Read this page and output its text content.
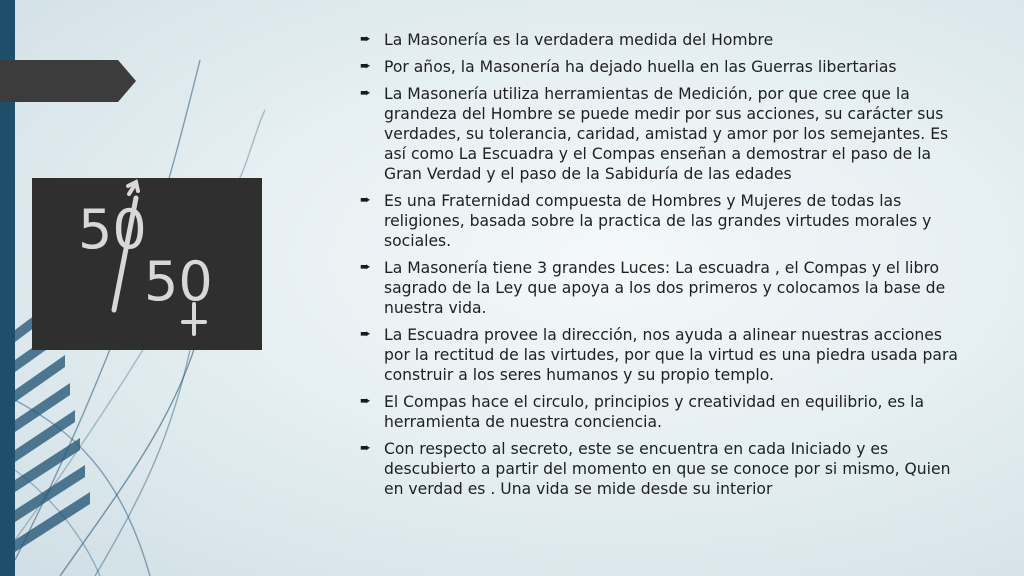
50
50
➨ La Masonería es la verdadera medida del Hombre
➨ Por años, la Masonería ha dejado huella en las Guerras libertarias
➨ La Masonería utiliza herramientas de Medición, por que cree que la grandeza del Hombre se puede medir por sus acciones, su carácter sus verdades, su tolerancia, caridad, amistad y amor por los semejantes. Es así como La Escuadra y el Compas enseñan a demostrar el paso de la Gran Verdad y el paso de la Sabiduría de las edades
➨ Es una Fraternidad compuesta de Hombres y Mujeres de todas las religiones, basada sobre la practica de las grandes virtudes morales y sociales.
➨ La Masonería tiene 3 grandes Luces: La escuadra , el Compas y el libro sagrado de la Ley que apoya a los dos primeros y colocamos la base de nuestra vida.
➨ La Escuadra provee la dirección, nos ayuda a alinear nuestras acciones por la rectitud de las virtudes, por que la virtud es una piedra usada para construir a los seres humanos y su propio templo.
➨ El Compas hace el circulo, principios y creatividad en equilibrio, es la herramienta de nuestra conciencia.
➨ Con respecto al secreto, este se encuentra en cada Iniciado y es descubierto a partir del momento en que se conoce por si mismo, Quien en verdad es . Una vida se mide desde su interior
